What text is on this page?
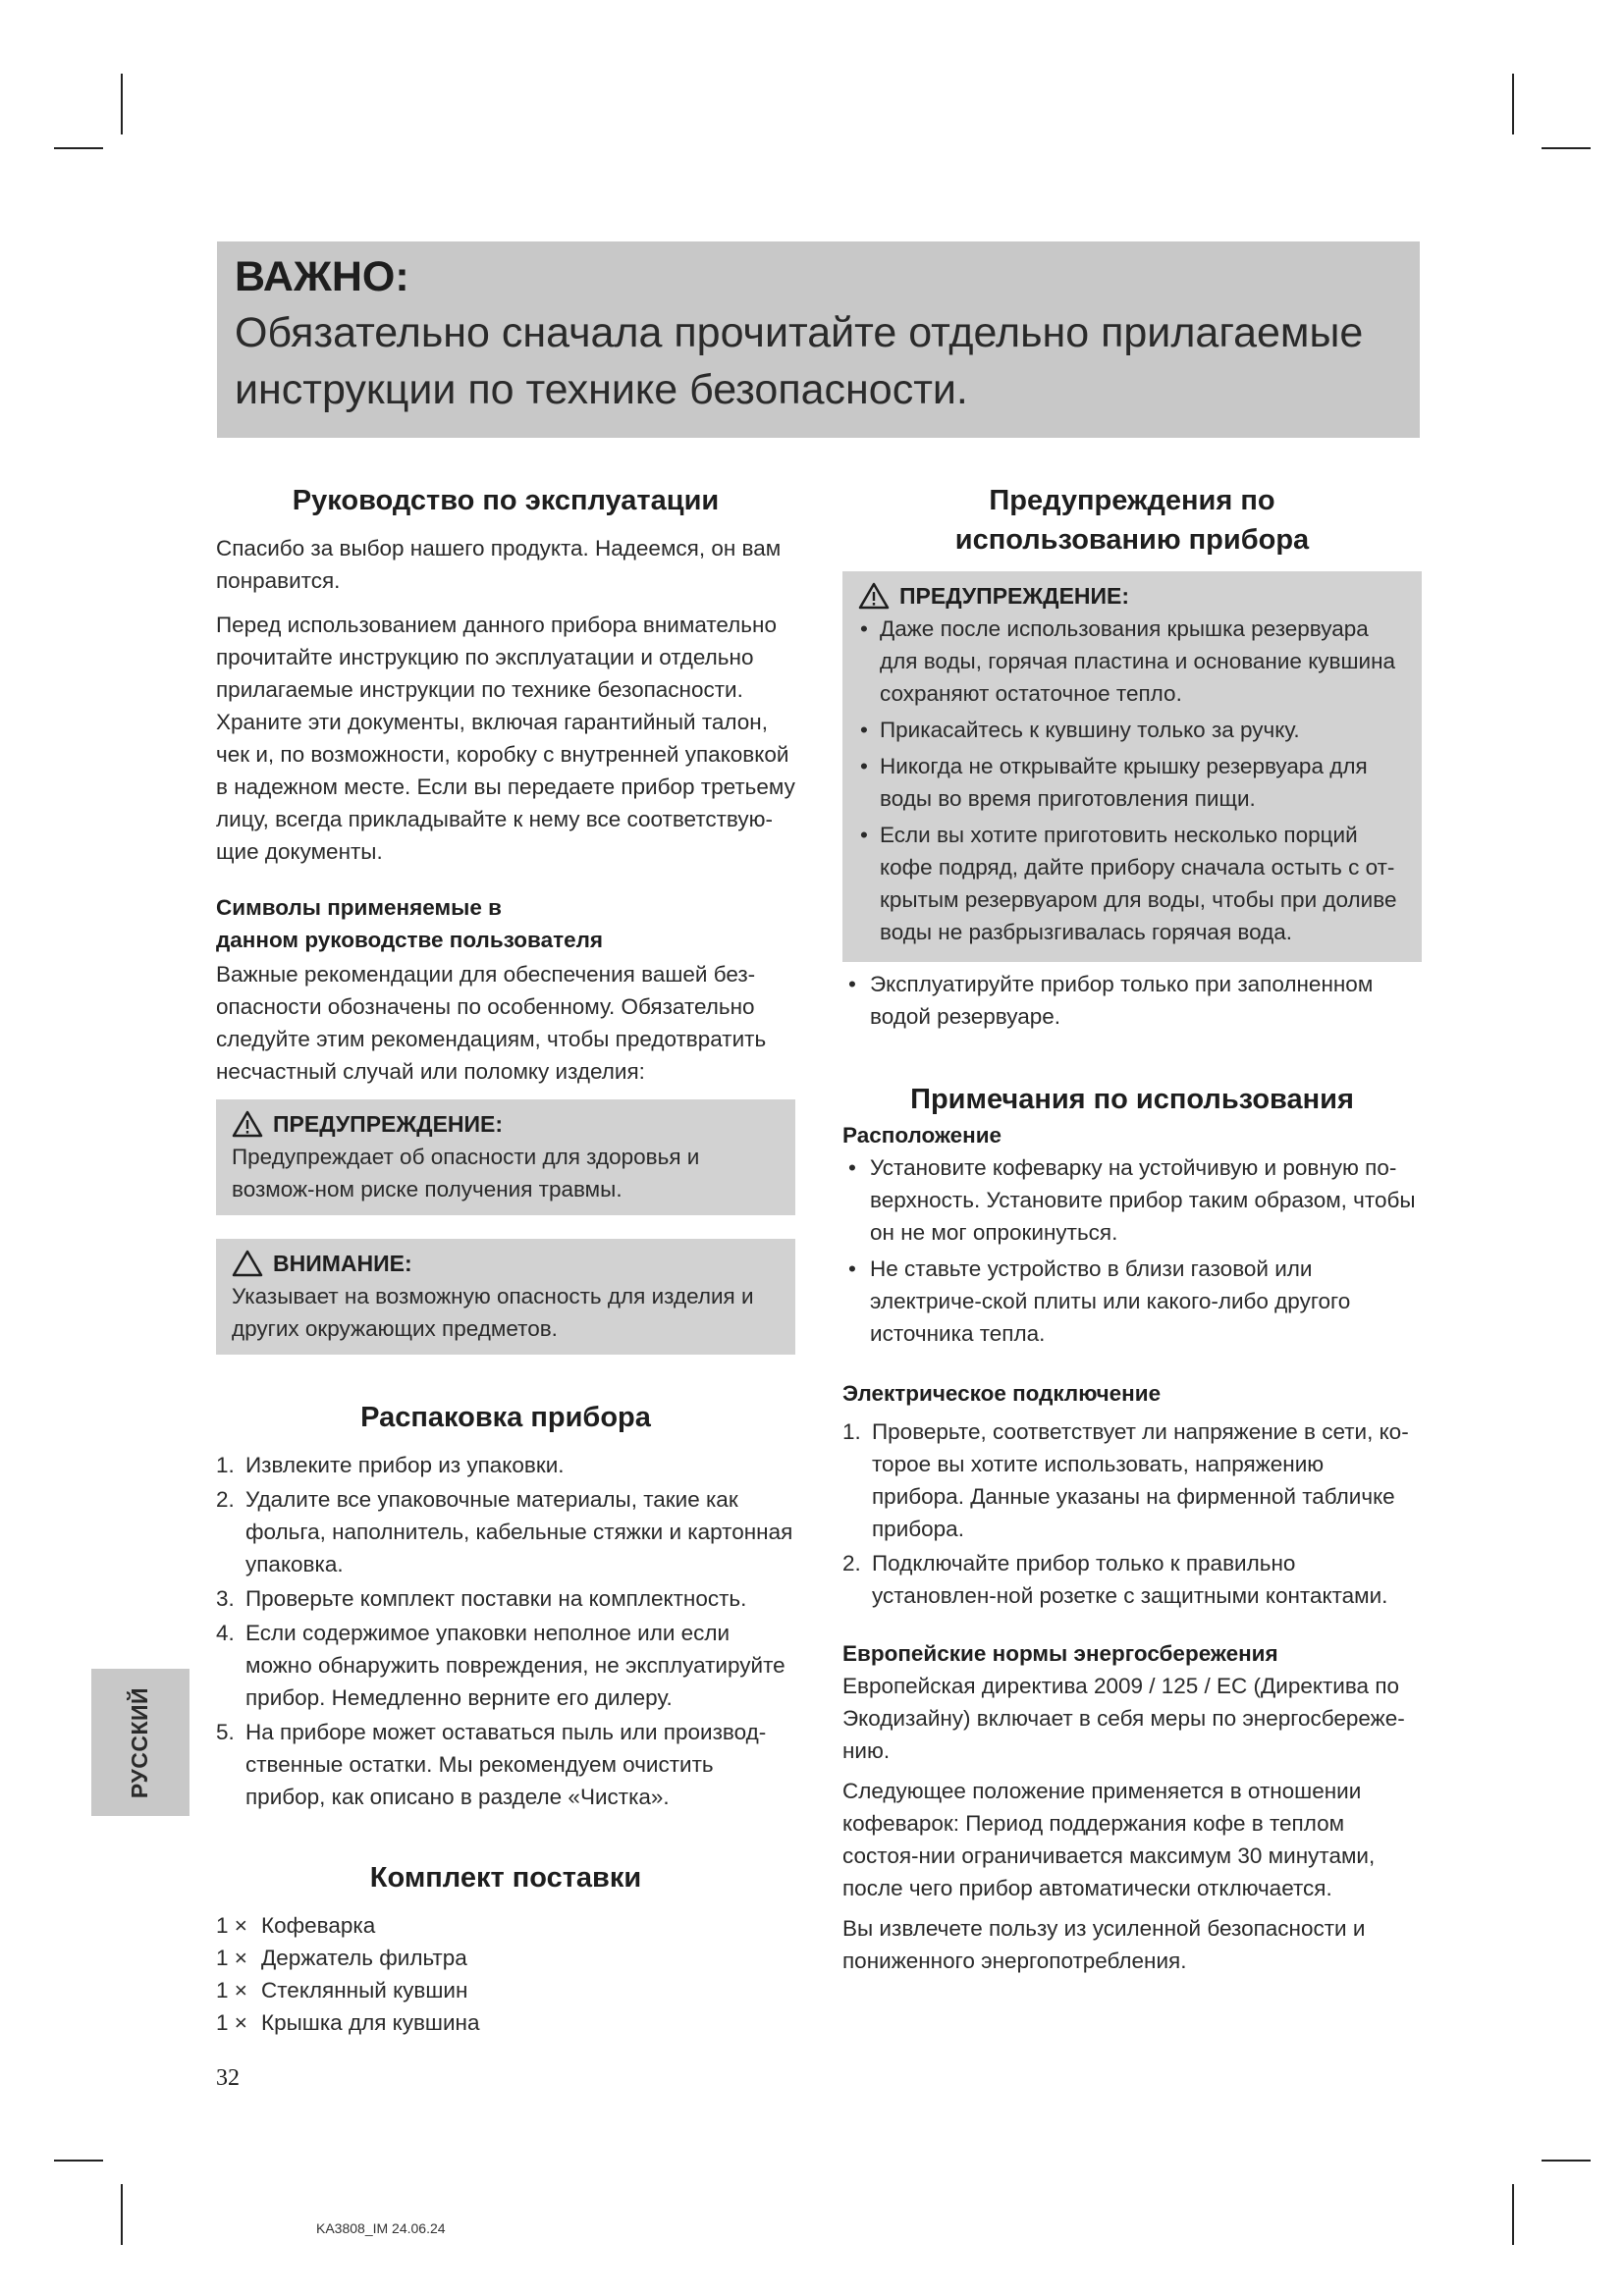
ВАЖНО:
Обязательно сначала прочитайте отдельно прилагаемые
инструкции по технике безопасности.
Руководство по эксплуатации

Спасибо за выбор нашего продукта. Надеемся, он вам понравится.

Перед использованием данного прибора внимательно прочитайте инструкцию по эксплуатации и отдельно прилагаемые инструкции по технике безопасности. Храните эти документы, включая гарантийный талон, чек и, по возможности, коробку с внутренней упаковкой в надежном месте. Если вы передаете прибор третьему лицу, всегда прикладывайте к нему все соответствую-щие документы.

Символы применяемые в
данном руководстве пользователя

Важные рекомендации для обеспечения вашей без-опасности обозначены по особенному. Обязательно следуйте этим рекомендациям, чтобы предотвратить несчастный случай или поломку изделия:

ПРЕДУПРЕЖДЕНИЕ:

Предупреждает об опасности для здоровья и возмож-ном риске получения травмы.

ВНИМАНИЕ:

Указывает на возможную опасность для изделия и других окружающих предметов.

Распаковка прибора
1. Извлеките прибор из упаковки.
2. Удалите все упаковочные материалы, такие как фольга, наполнитель, кабельные стяжки и картонная упаковка.
3. Проверьте комплект поставки на комплектность.
4. Если содержимое упаковки неполное или если можно обнаружить повреждения, не эксплуатируйте прибор. Немедленно верните его дилеру.
5. На приборе может оставаться пыль или производ-ственные остатки. Мы рекомендуем очистить прибор, как описано в разделе «Чистка».
Комплект поставки
1 × Кофеварка
1 × Держатель фильтра
1 × Стеклянный кувшин
1 × Крышка для кувшина
Предупреждения по
использованию прибора
ПРЕДУПРЕЖДЕНИЕ:
• Даже после использования крышка резервуара для воды, горячая пластина и основание кувшина сохраняют остаточное тепло.
• Прикасайтесь к кувшину только за ручку.
• Никогда не открывайте крышку резервуара для воды во время приготовления пищи.
• Если вы хотите приготовить несколько порций кофе подряд, дайте прибору сначала остыть с от-крытым резервуаром для воды, чтобы при доливе воды не разбрызгивалась горячая вода.
• Эксплуатируйте прибор только при заполненном водой резервуаре.
Примечания по использования
Расположение
• Установите кофеварку на устойчивую и ровную по-верхность. Установите прибор таким образом, чтобы он не мог опрокинуться.
• Не ставьте устройство в близи газовой или электриче-ской плиты или какого-либо другого источника тепла.
Электрическое подключение
1. Проверьте, соответствует ли напряжение в сети, ко-торое вы хотите использовать, напряжению прибора. Данные указаны на фирменной табличке прибора.
2. Подключайте прибор только к правильно установлен-ной розетке с защитными контактами.
Европейские нормы энергосбережения

Европейская директива 2009 / 125 / ЕС (Директива по Экодизайну) включает в себя меры по энергосбереже-нию.

Следующее положение применяется в отношении кофеварок: Период поддержания кофе в теплом состоя-нии ограничивается максимум 30 минутами, после чего прибор автоматически отключается.

Вы извлечете пользу из усиленной безопасности и пониженного энергопотребления.

РУССКИЙ
32
KA3808_IM 24.06.24
